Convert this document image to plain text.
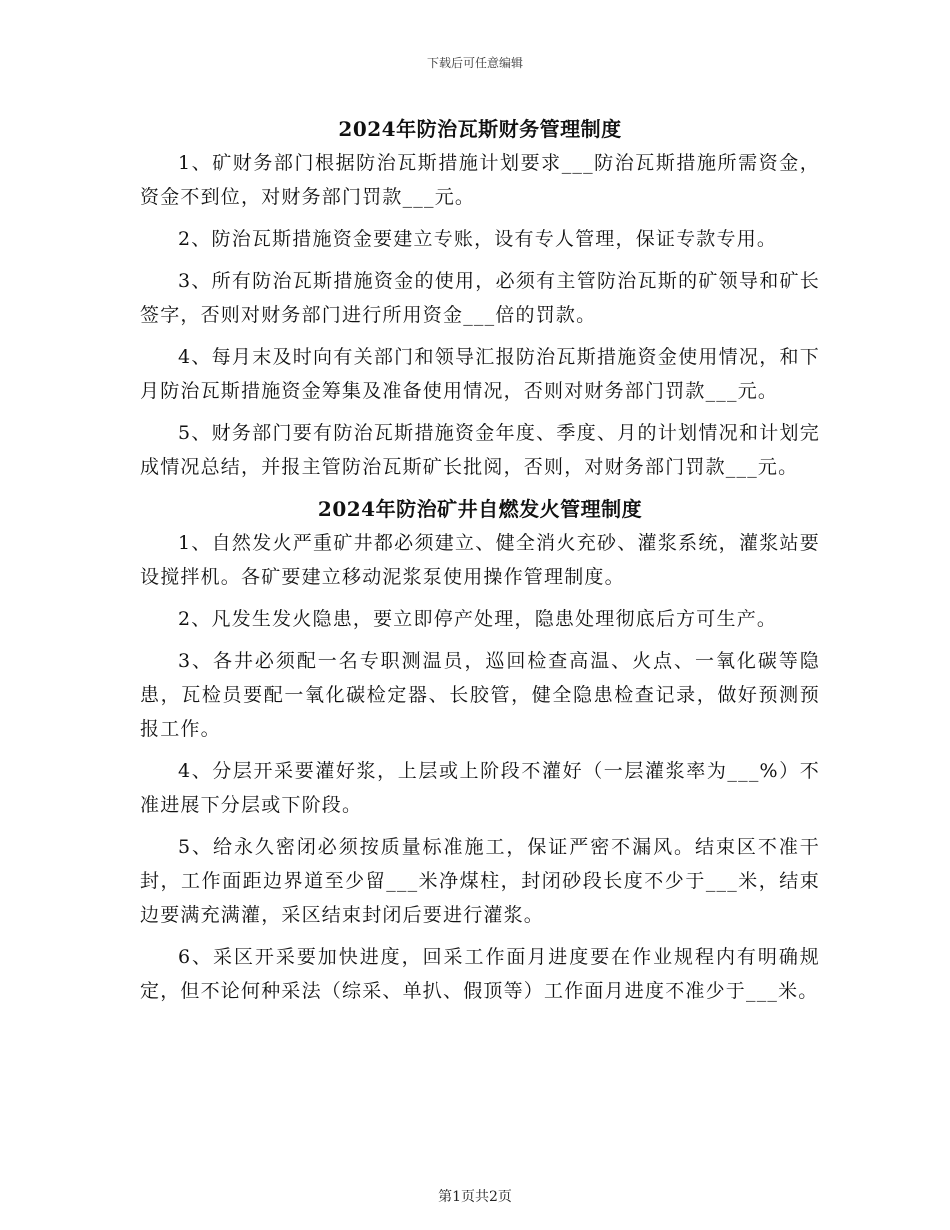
下载后可任意编辑
2024年防治瓦斯财务管理制度

1、矿财务部门根据防治瓦斯措施计划要求___防治瓦斯措施所需资金，资金不到位，对财务部门罚款___元。

2、防治瓦斯措施资金要建立专账，设有专人管理，保证专款专用。

3、所有防治瓦斯措施资金的使用，必须有主管防治瓦斯的矿领导和矿长签字，否则对财务部门进行所用资金___倍的罚款。

4、每月末及时向有关部门和领导汇报防治瓦斯措施资金使用情况，和下月防治瓦斯措施资金筹集及准备使用情况，否则对财务部门罚款___元。

5、财务部门要有防治瓦斯措施资金年度、季度、月的计划情况和计划完成情况总结，并报主管防治瓦斯矿长批阅，否则，对财务部门罚款___元。

2024年防治矿井自燃发火管理制度

1、自然发火严重矿井都必须建立、健全消火充砂、灌浆系统，灌浆站要设搅拌机。各矿要建立移动泥浆泵使用操作管理制度。

2、凡发生发火隐患，要立即停产处理，隐患处理彻底后方可生产。

3、各井必须配一名专职测温员，巡回检查高温、火点、一氧化碳等隐患，瓦检员要配一氧化碳检定器、长胶管，健全隐患检查记录，做好预测预报工作。

4、分层开采要灌好浆，上层或上阶段不灌好（一层灌浆率为___%）不准进展下分层或下阶段。

5、给永久密闭必须按质量标准施工，保证严密不漏风。结束区不准干封，工作面距边界道至少留___米净煤柱，封闭砂段长度不少于___米，结束边要满充满灌，采区结束封闭后要进行灌浆。

6、采区开采要加快进度，回采工作面月进度要在作业规程内有明确规定，但不论何种采法（综采、单扒、假顶等）工作面月进度不准少于___米。

第1页共2页
